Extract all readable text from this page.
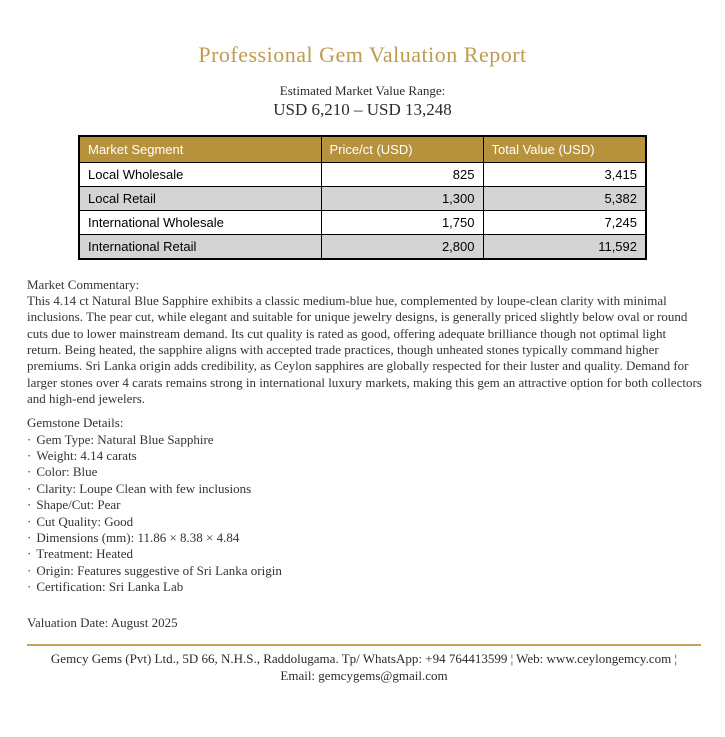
Professional Gem Valuation Report
Estimated Market Value Range:
USD 6,210 – USD 13,248
Market Segment	Price/ct (USD)	Total Value (USD)
Local Wholesale	825	3,415
Local Retail	1,300	5,382
International Wholesale	1,750	7,245
International Retail	2,800	11,592
Market Commentary:
This 4.14 ct Natural Blue Sapphire exhibits a classic medium-blue hue, complemented by loupe-clean clarity with minimal inclusions. The pear cut, while elegant and suitable for unique jewelry designs, is generally priced slightly below oval or round cuts due to lower mainstream demand. Its cut quality is rated as good, offering adequate brilliance though not optimal light return. Being heated, the sapphire aligns with accepted trade practices, though unheated stones typically command higher premiums. Sri Lanka origin adds credibility, as Ceylon sapphires are globally respected for their luster and quality. Demand for larger stones over 4 carats remains strong in international luxury markets, making this gem an attractive option for both collectors and high-end jewelers.
Gemstone Details:
· Gem Type: Natural Blue Sapphire
· Weight: 4.14 carats
· Color: Blue
· Clarity: Loupe Clean with few inclusions
· Shape/Cut: Pear
· Cut Quality: Good
· Dimensions (mm): 11.86 × 8.38 × 4.84
· Treatment: Heated
· Origin: Features suggestive of Sri Lanka origin
· Certification: Sri Lanka Lab
Valuation Date: August 2025
Gemcy Gems (Pvt) Ltd., 5D 66, N.H.S., Raddolugama. Tp/ WhatsApp: +94 764413599 ¦ Web: www.ceylongemcy.com ¦
Email: gemcygems@gmail.com
